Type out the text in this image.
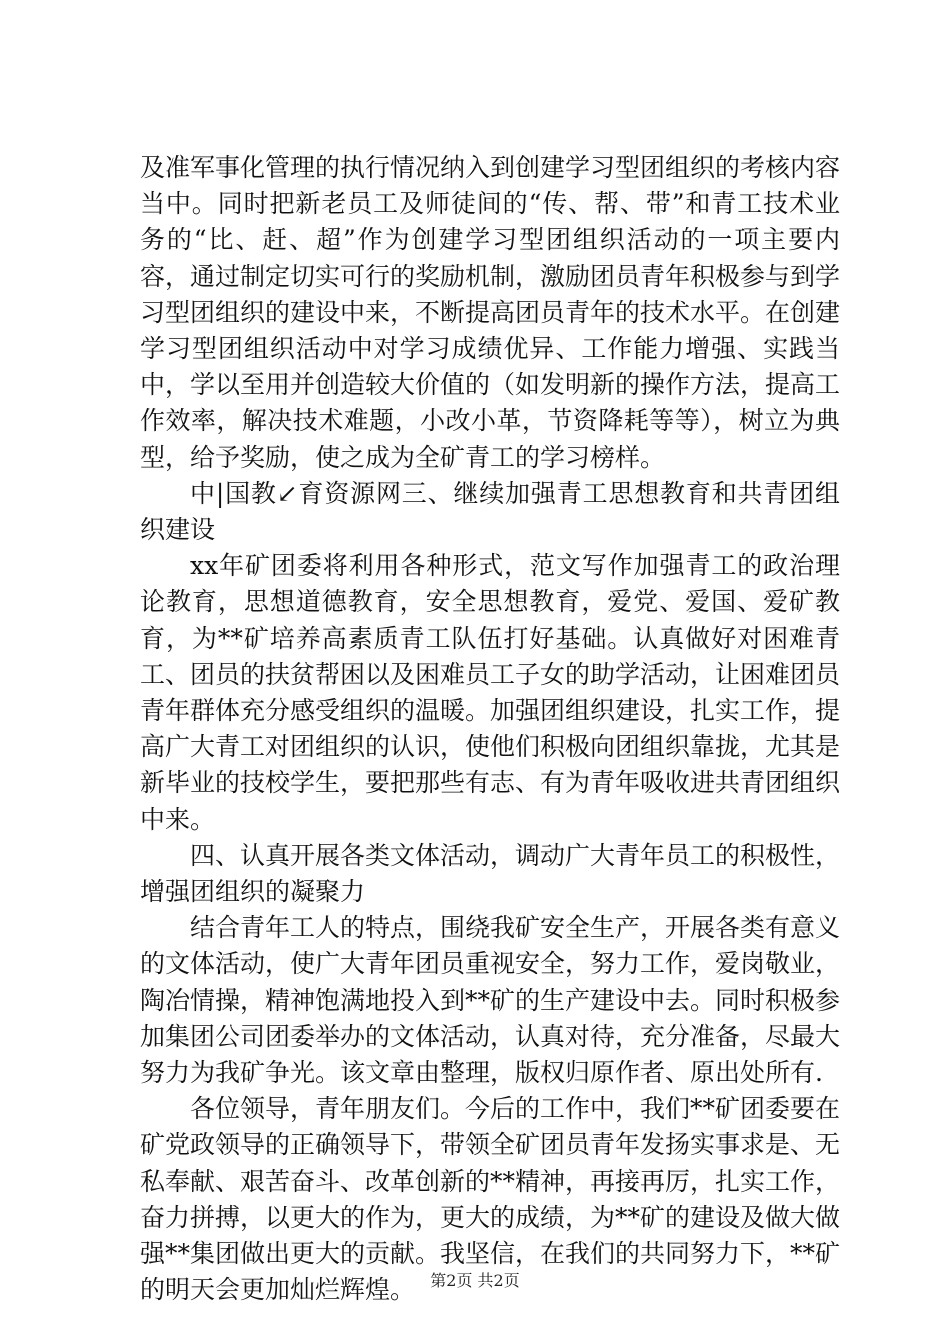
及准军事化管理的执行情况纳入到创建学习型团组织的考核内容当中。同时把新老员工及师徒间的“传、帮、带”和青工技术业务的“比、赶、超”作为创建学习型团组织活动的一项主要内容，通过制定切实可行的奖励机制，激励团员青年积极参与到学习型团组织的建设中来，不断提高团员青年的技术水平。在创建学习型团组织活动中对学习成绩优异、工作能力增强、实践当中，学以至用并创造较大价值的（如发明新的操作方法，提高工作效率，解决技术难题，小改小革，节资降耗等等），树立为典型，给予奖励，使之成为全矿青工的学习榜样。

中|国教↙育资源网三、继续加强青工思想教育和共青团组织建设

xx年矿团委将利用各种形式，范文写作加强青工的政治理论教育，思想道德教育，安全思想教育，爱党、爱国、爱矿教育，为**矿培养高素质青工队伍打好基础。认真做好对困难青工、团员的扶贫帮困以及困难员工子女的助学活动，让困难团员青年群体充分感受组织的温暖。加强团组织建设，扎实工作，提高广大青工对团组织的认识，使他们积极向团组织靠拢，尤其是新毕业的技校学生，要把那些有志、有为青年吸收进共青团组织中来。

四、认真开展各类文体活动，调动广大青年员工的积极性，增强团组织的凝聚力

结合青年工人的特点，围绕我矿安全生产，开展各类有意义的文体活动，使广大青年团员重视安全，努力工作，爱岗敬业，陶冶情操，精神饱满地投入到**矿的生产建设中去。同时积极参加集团公司团委举办的文体活动，认真对待，充分准备，尽最大努力为我矿争光。该文章由整理，版权归原作者、原出处所有.

各位领导，青年朋友们。今后的工作中，我们**矿团委要在矿党政领导的正确领导下，带领全矿团员青年发扬实事求是、无私奉献、艰苦奋斗、改革创新的**精神，再接再厉，扎实工作，奋力拼搏，以更大的作为，更大的成绩，为**矿的建设及做大做强**集团做出更大的贡献。我坚信，在我们的共同努力下，**矿的明天会更加灿烂辉煌。 第2页 共2页
